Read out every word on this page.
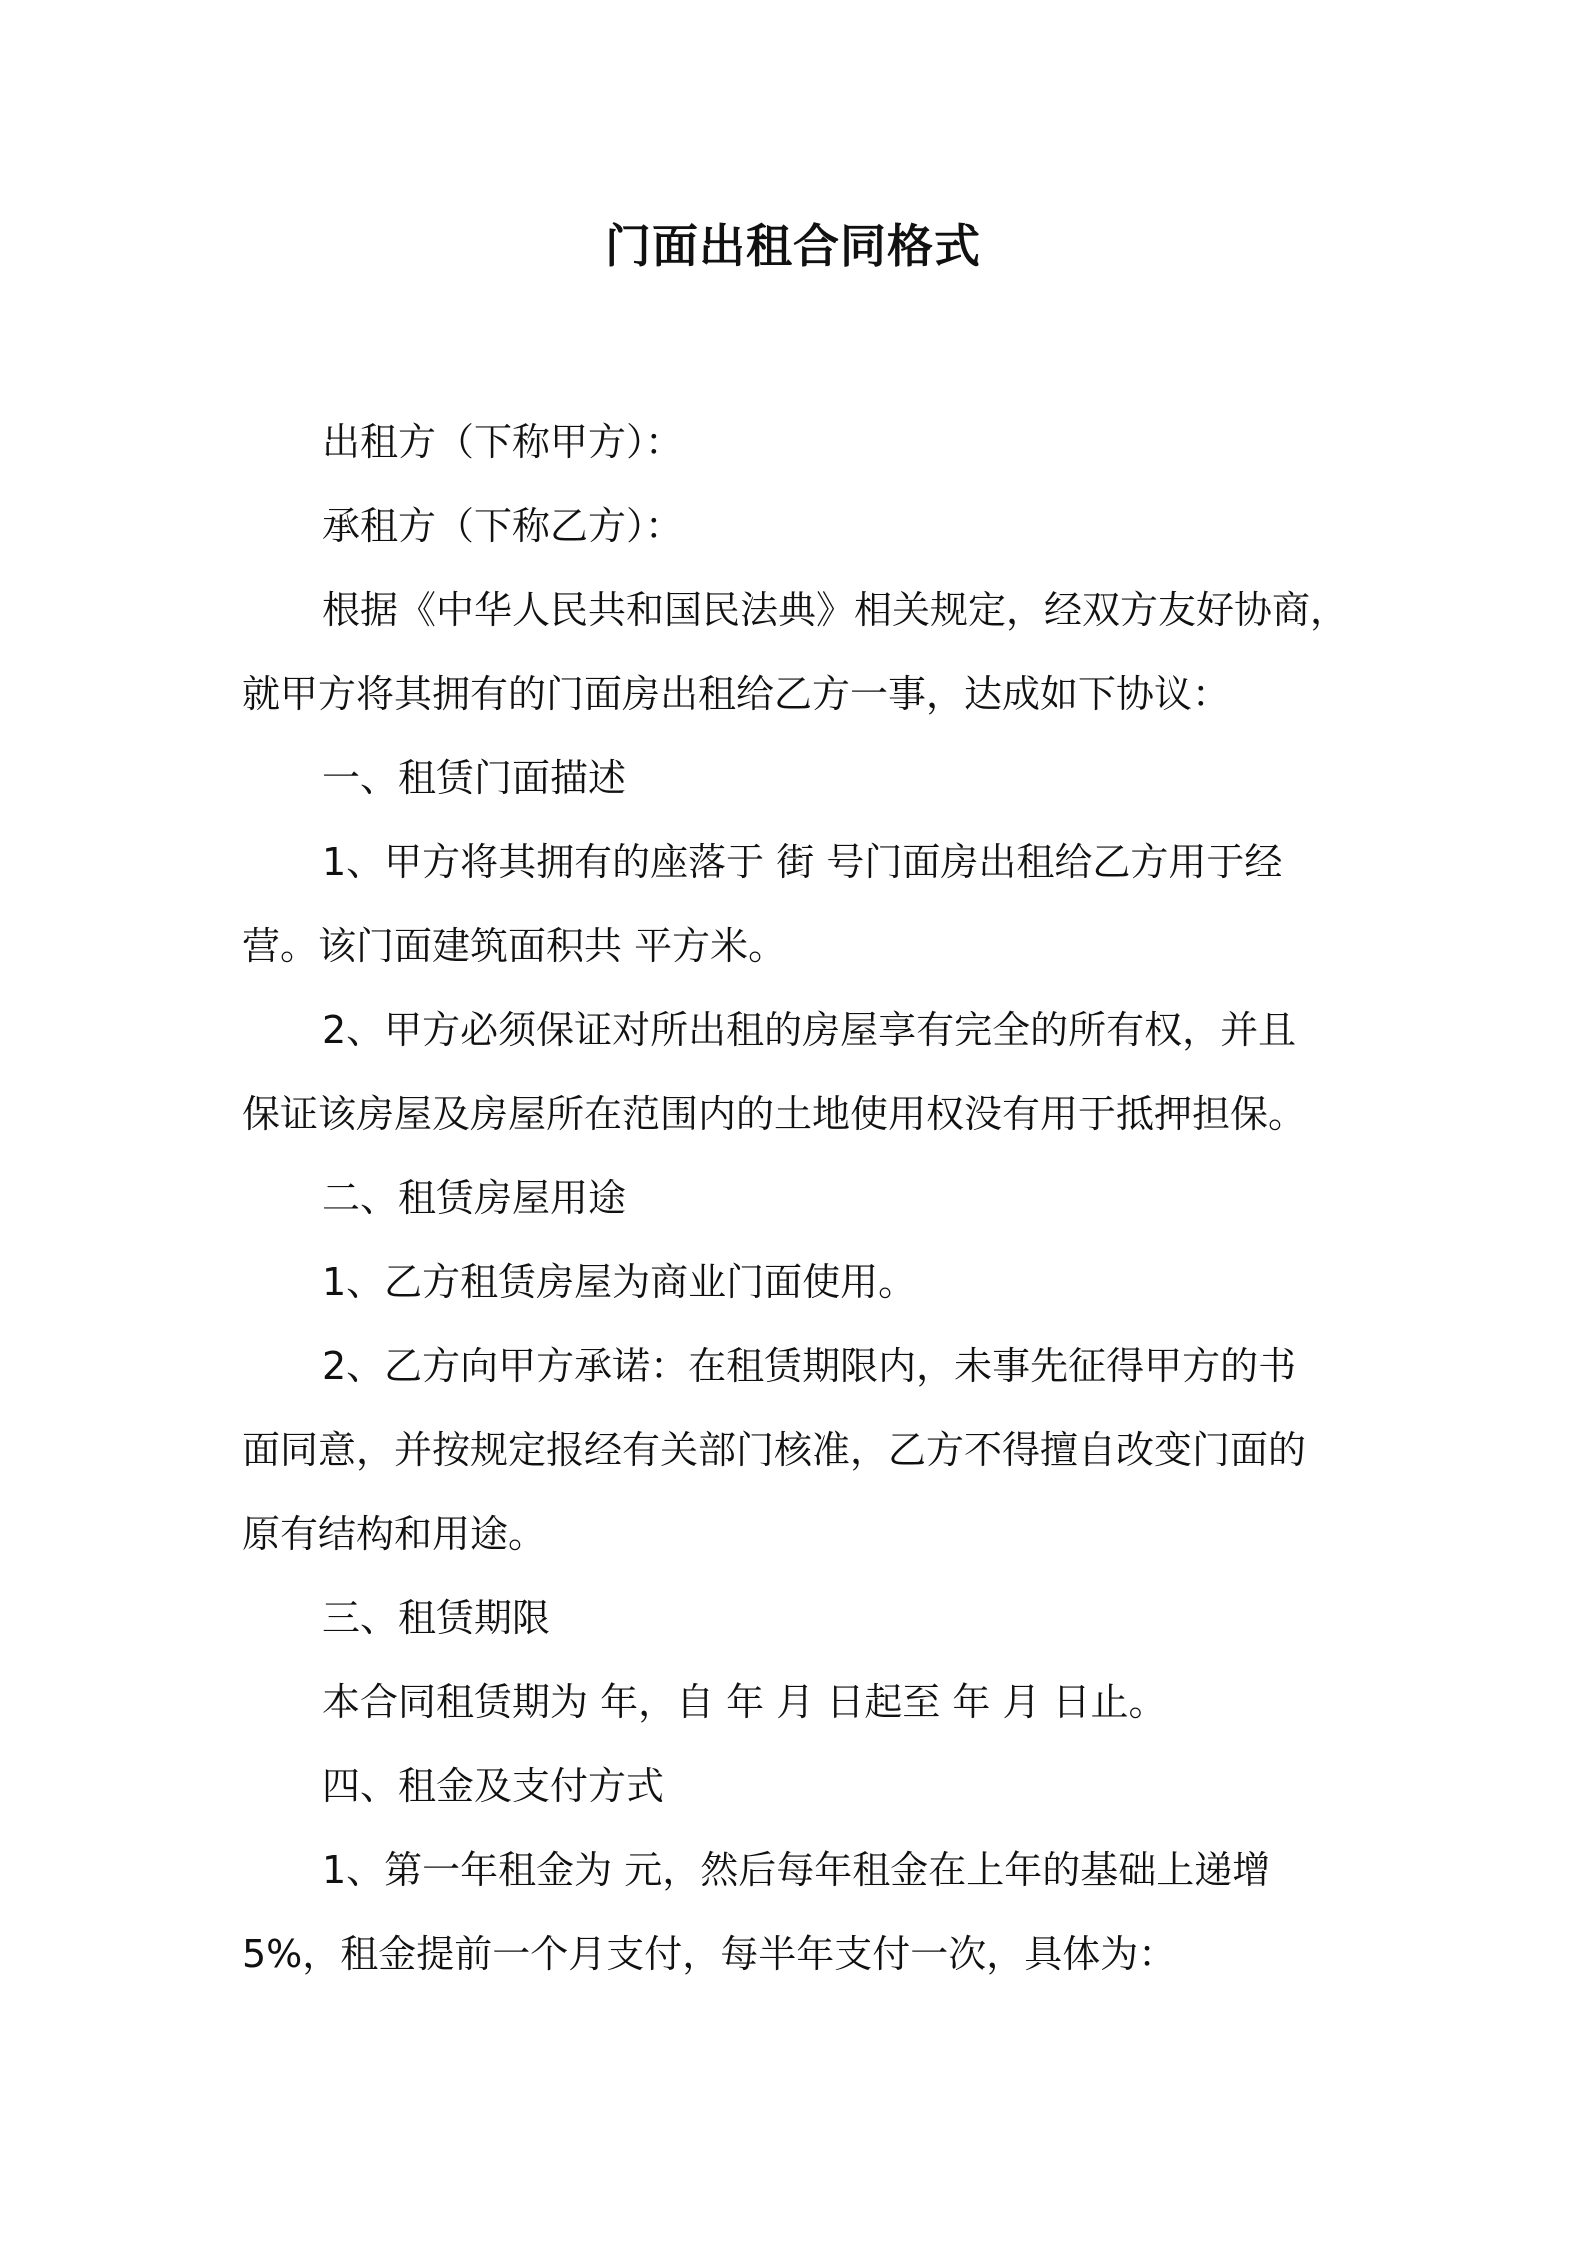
门面出租合同格式
出租方（下称甲方）：
承租方（下称乙方）：
根据《中华人民共和国民法典》相关规定，经双方友好协商，
就甲方将其拥有的门面房出租给乙方一事，达成如下协议：
一、租赁门面描述
1、甲方将其拥有的座落于 街 号门面房出租给乙方用于经
营。该门面建筑面积共 平方米。
2、甲方必须保证对所出租的房屋享有完全的所有权，并且
保证该房屋及房屋所在范围内的土地使用权没有用于抵押担保。
二、租赁房屋用途
1、乙方租赁房屋为商业门面使用。
2、乙方向甲方承诺：在租赁期限内，未事先征得甲方的书
面同意，并按规定报经有关部门核准，乙方不得擅自改变门面的
原有结构和用途。
三、租赁期限
本合同租赁期为 年，自 年 月 日起至 年 月 日止。
四、租金及支付方式
1、第一年租金为 元，然后每年租金在上年的基础上递增
5%，租金提前一个月支付，每半年支付一次，具体为：
